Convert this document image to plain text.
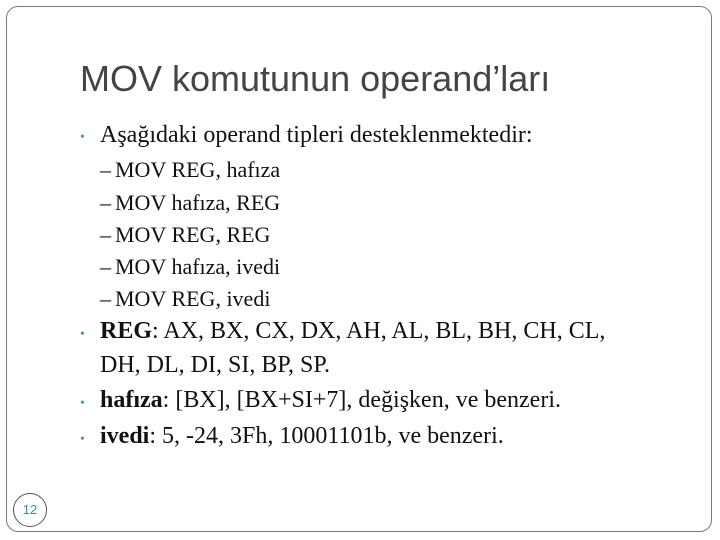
MOV komutunun operand’ları
• Aşağıdaki operand tipleri desteklenmektedir:
– MOV REG, hafıza
– MOV hafıza, REG
– MOV REG, REG
– MOV hafıza, ivedi
– MOV REG, ivedi
• REG: AX, BX, CX, DX, AH, AL, BL, BH, CH, CL,
DH, DL, DI, SI, BP, SP.
• hafıza: [BX], [BX+SI+7], değişken, ve benzeri.
• ivedi: 5, -24, 3Fh, 10001101b, ve benzeri.
12
